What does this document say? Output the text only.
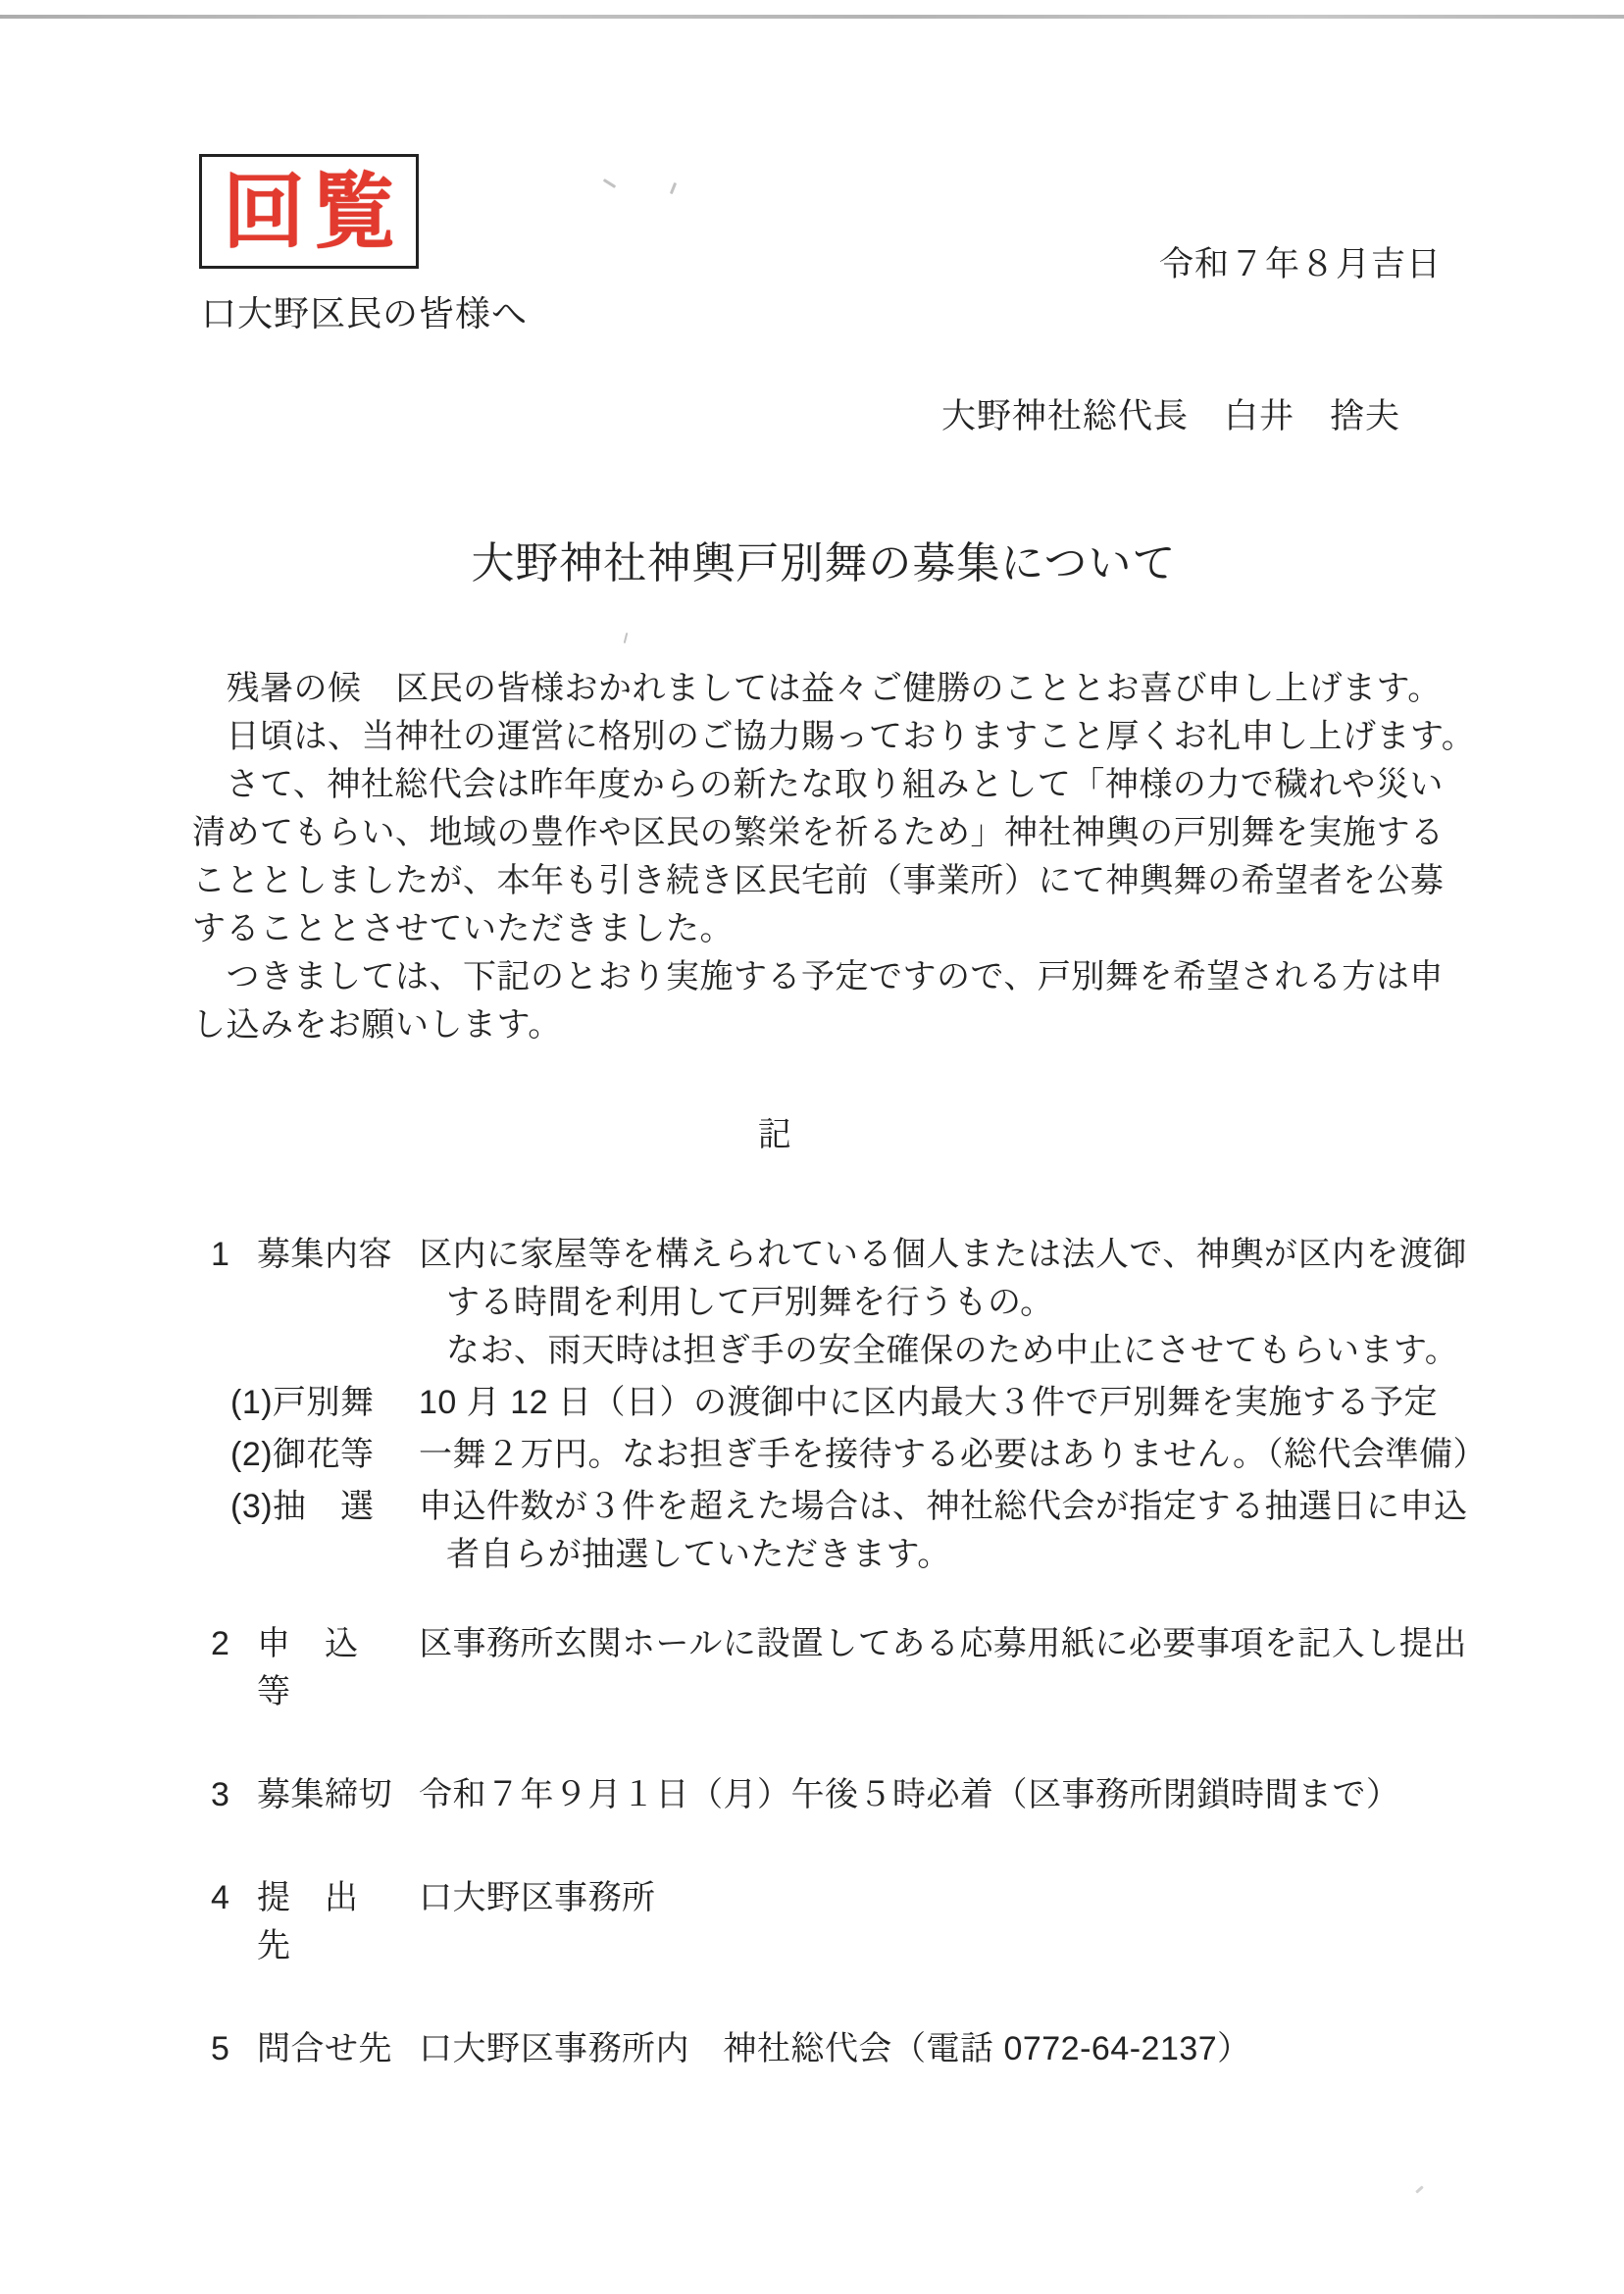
回覧
口大野区民の皆様へ
令和７年８月吉日
大野神社総代長　白井　捨夫
大野神社神輿戸別舞の募集について
　残暑の候　区民の皆様おかれましては益々ご健勝のこととお喜び申し上げます。
　日頃は、当神社の運営に格別のご協力賜っておりますこと厚くお礼申し上げます。
　さて、神社総代会は昨年度からの新たな取り組みとして「神様の力で穢れや災い
清めてもらい、地域の豊作や区民の繁栄を祈るため」神社神輿の戸別舞を実施する
こととしましたが、本年も引き続き区民宅前（事業所）にて神輿舞の希望者を公募
することとさせていただきました。
　つきましては、下記のとおり実施する予定ですので、戸別舞を希望される方は申
し込みをお願いします。
記
1 募集内容 区内に家屋等を構えられている個人または法人で、神輿が区内を渡御
する時間を利用して戸別舞を行うもの。
なお、雨天時は担ぎ手の安全確保のため中止にさせてもらいます。
(1)戸別舞	10 月 12 日（日）の渡御中に区内最大３件で戸別舞を実施する予定
(2)御花等	一舞２万円。なお担ぎ手を接待する必要はありません。（総代会準備）
(3)抽　選	申込件数が３件を超えた場合は、神社総代会が指定する抽選日に申込
者自らが抽選していただきます。
2 申　込　等
区事務所玄関ホールに設置してある応募用紙に必要事項を記入し提出
3 募集締切 令和７年９月１日（月）午後５時必着（区事務所閉鎖時間まで）
4 提　出　先
口大野区事務所
5 問合せ先 口大野区事務所内　神社総代会（電話 0772-64-2137）
